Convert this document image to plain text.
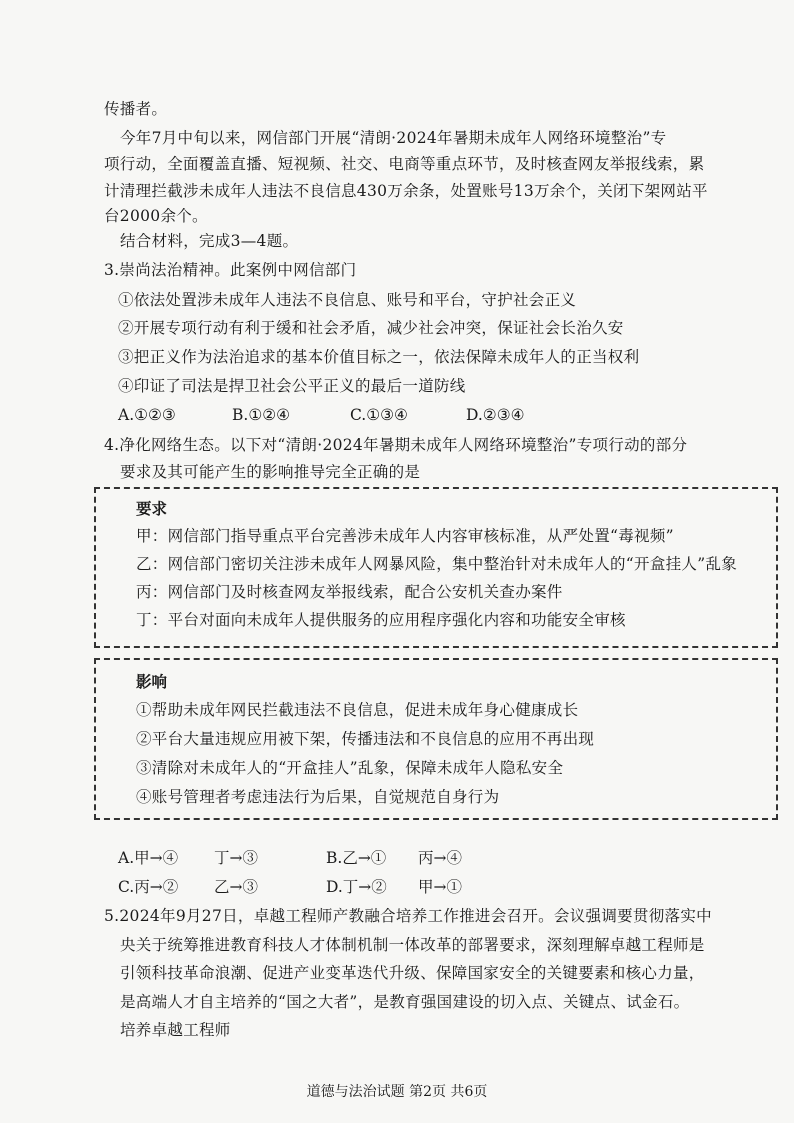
传播者。
今年7月中旬以来，网信部门开展“清朗·2024年暑期未成年人网络环境整治”专
项行动，全面覆盖直播、短视频、社交、电商等重点环节，及时核查网友举报线索，累
计清理拦截涉未成年人违法不良信息430万余条，处置账号13万余个，关闭下架网站平
台2000余个。
结合材料，完成3—4题。
3.崇尚法治精神。此案例中网信部门
①依法处置涉未成年人违法不良信息、账号和平台，守护社会正义
②开展专项行动有利于缓和社会矛盾，减少社会冲突，保证社会长治久安
③把正义作为法治追求的基本价值目标之一，依法保障未成年人的正当权利
④印证了司法是捍卫社会公平正义的最后一道防线
A.①②③	B.①②④	C.①③④	D.②③④
4.净化网络生态。以下对“清朗·2024年暑期未成年人网络环境整治”专项行动的部分
要求及其可能产生的影响推导完全正确的是
要求
甲：网信部门指导重点平台完善涉未成年人内容审核标准，从严处置“毒视频”
乙：网信部门密切关注涉未成年人网暴风险，集中整治针对未成年人的“开盒挂人”乱象
丙：网信部门及时核查网友举报线索，配合公安机关查办案件
丁：平台对面向未成年人提供服务的应用程序强化内容和功能安全审核
影响
①帮助未成年网民拦截违法不良信息，促进未成年身心健康成长
②平台大量违规应用被下架，传播违法和不良信息的应用不再出现
③清除对未成年人的“开盒挂人”乱象，保障未成年人隐私安全
④账号管理者考虑违法行为后果，自觉规范自身行为
A.甲→④ 丁→③	B.乙→① 丙→④
C.丙→② 乙→③	D.丁→② 甲→①
5.2024年9月27日，卓越工程师产教融合培养工作推进会召开。会议强调要贯彻落实中
央关于统筹推进教育科技人才体制机制一体改革的部署要求，深刻理解卓越工程师是
引领科技革命浪潮、促进产业变革迭代升级、保障国家安全的关键要素和核心力量，
是高端人才自主培养的“国之大者”，是教育强国建设的切入点、关键点、试金石。
培养卓越工程师
道德与法治试题 第2页 共6页
